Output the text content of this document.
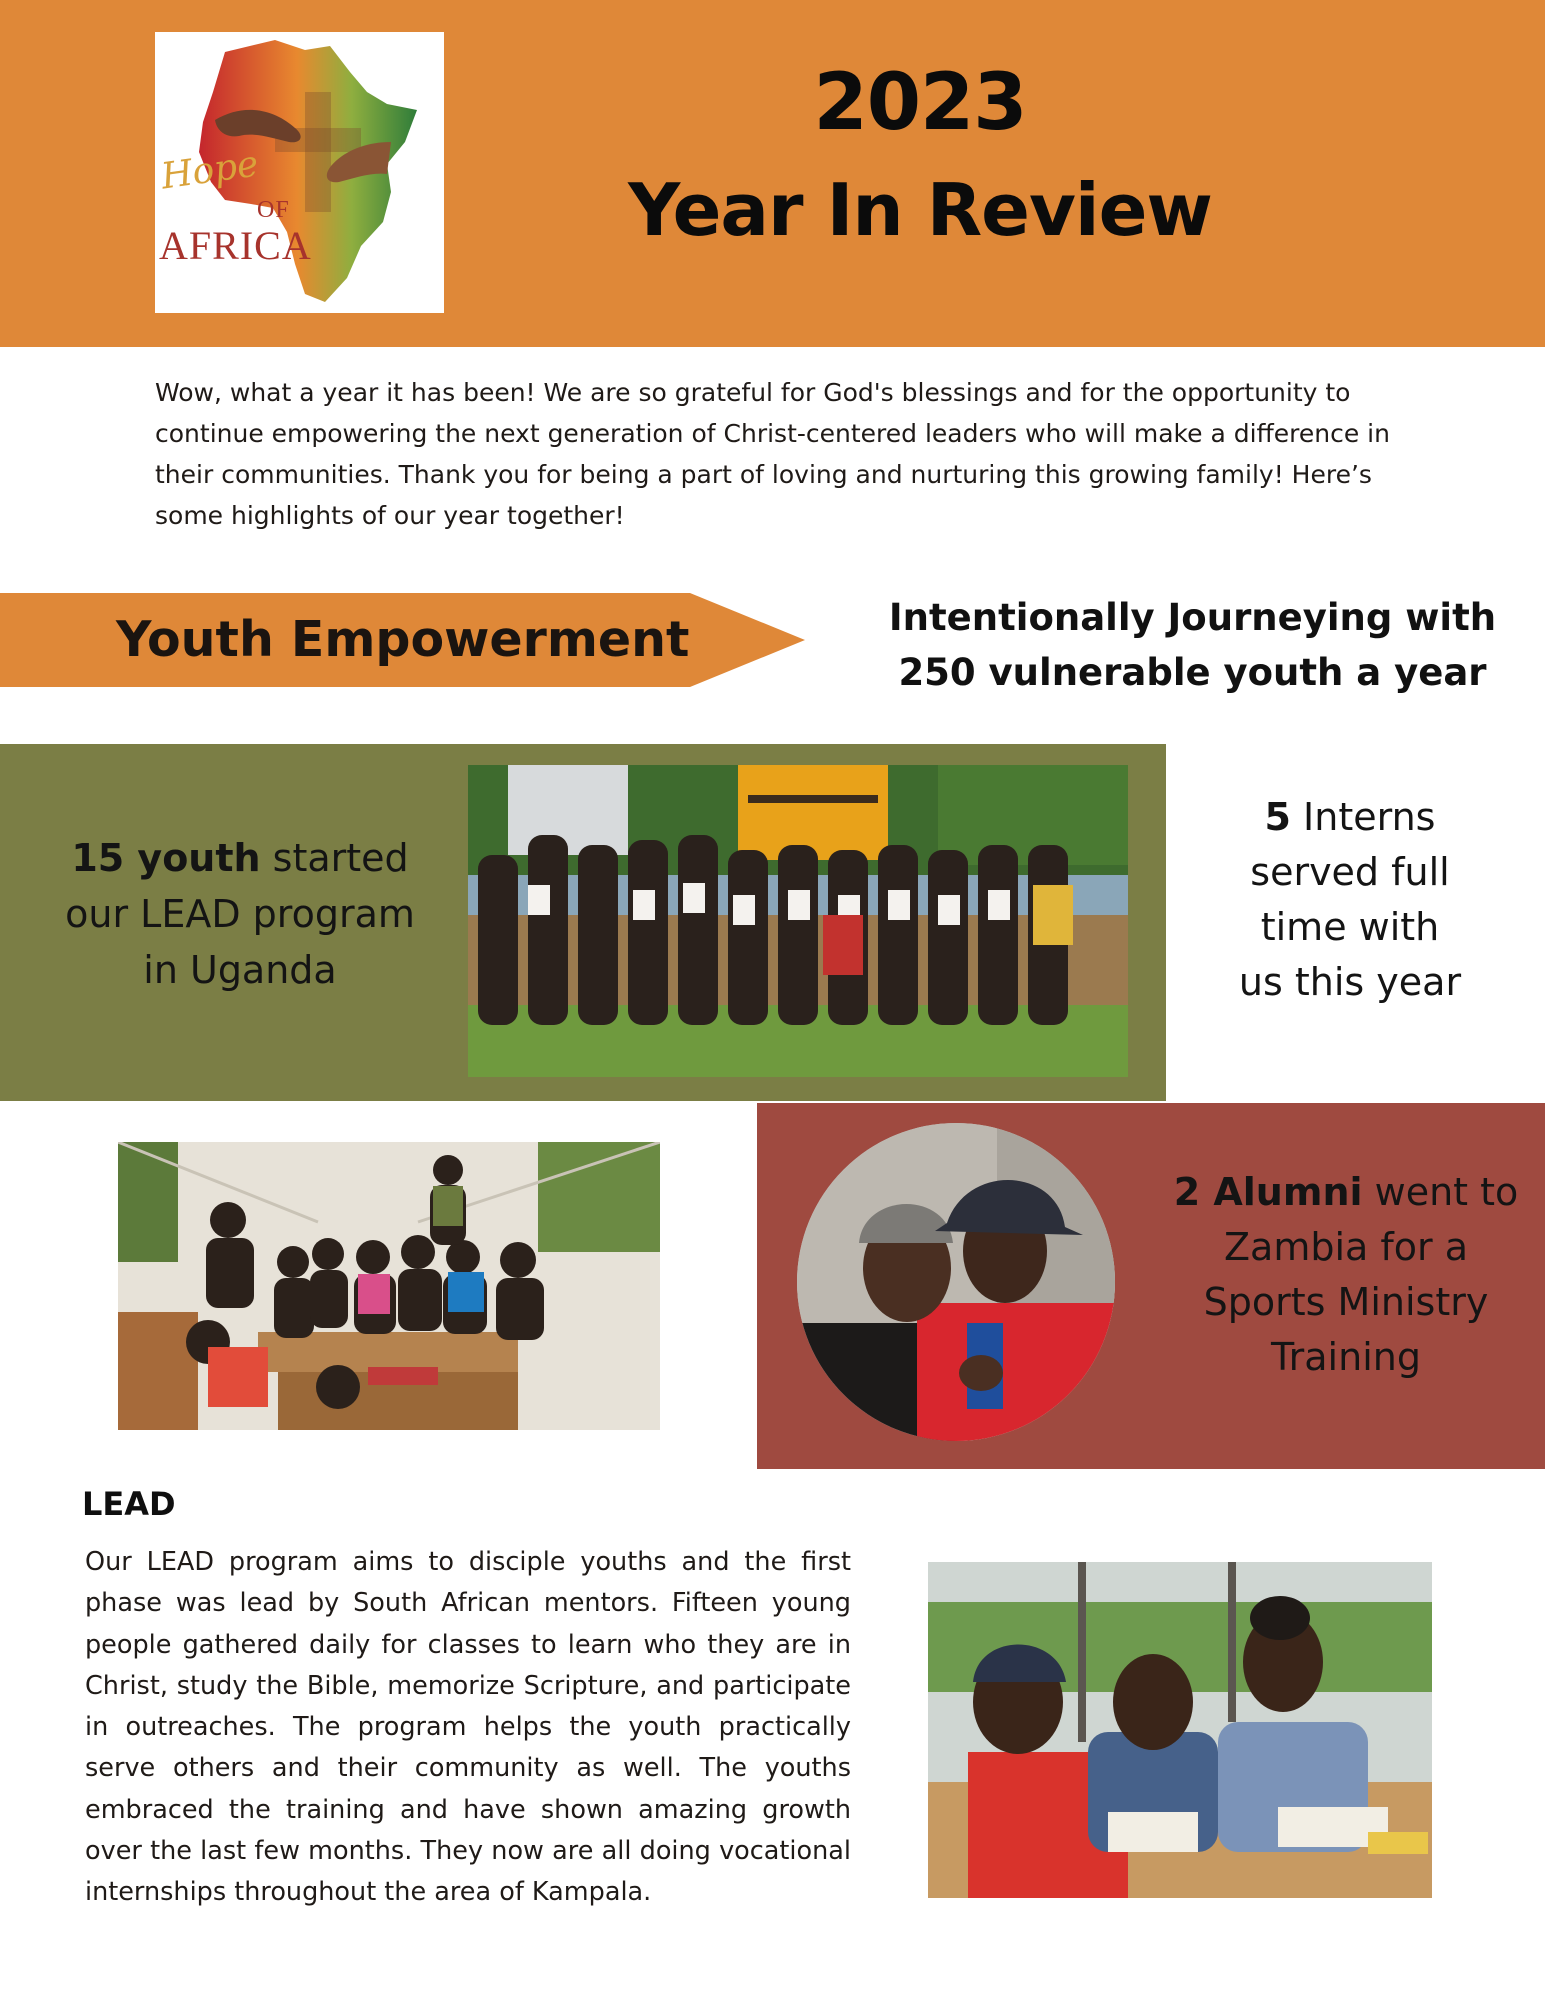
Hope
OF
AFRICA
2023
Year In Review

Wow, what a year it has been! We are so grateful for God's blessings and for the opportunity to continue empowering the next generation of Christ-centered leaders who will make a difference in their communities. Thank you for being a part of loving and nurturing this growing family! Here’s some highlights of our year together!

Youth Empowerment	Intentionally Journeying with
250 vulnerable youth a year
15 youth started
our LEAD program
in Uganda
5 Interns
served full
time with
us this year
2 Alumni went to
Zambia for a
Sports Ministry
Training
LEAD

Our LEAD program aims to disciple youths and the first phase was lead by South African mentors. Fifteen young people gathered daily for classes to learn who they are in Christ, study the Bible, memorize Scripture, and participate in outreaches. The program helps the youth practically serve others and their community as well. The youths embraced the training and have shown amazing growth over the last few months. They now are all doing vocational internships throughout the area of Kampala.
